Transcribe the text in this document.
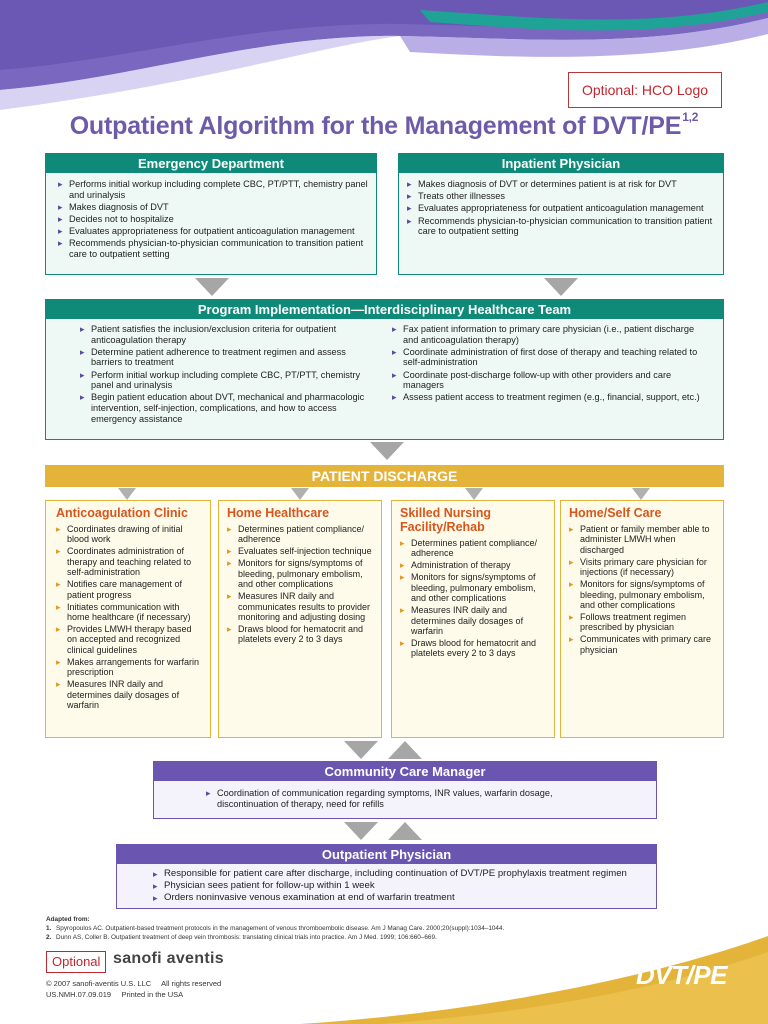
Optional: HCO Logo
Outpatient Algorithm for the Management of DVT/PE$^{1,2}$
Emergency Department
▸ Performs initial workup including complete CBC, PT/PTT, chemistry panel and urinalysis
▸ Makes diagnosis of DVT
▸ Decides not to hospitalize
▸ Evaluates appropriateness for outpatient anticoagulation management
▸ Recommends physician-to-physician communication to transition patient care to outpatient setting
Inpatient Physician
▸ Makes diagnosis of DVT or determines patient is at risk for DVT
▸ Treats other illnesses
▸ Evaluates appropriateness for outpatient anticoagulation management
▸ Recommends physician-to-physician communication to transition patient care to outpatient setting
Program Implementation—Interdisciplinary Healthcare Team
▸ Patient satisfies the inclusion/exclusion criteria for outpatient anticoagulation therapy
▸ Determine patient adherence to treatment regimen and assess barriers to treatment
▸ Perform initial workup including complete CBC, PT/PTT, chemistry panel and urinalysis
▸ Begin patient education about DVT, mechanical and pharmacologic intervention, self-injection, complications, and how to access emergency assistance
▸ Fax patient information to primary care physician (i.e., patient discharge and anticoagulation therapy)
▸ Coordinate administration of first dose of therapy and teaching related to self-administration
▸ Coordinate post-discharge follow-up with other providers and care managers
▸ Assess patient access to treatment regimen (e.g., financial, support, etc.)
PATIENT DISCHARGE
Anticoagulation Clinic
▸ Coordinates drawing of initial blood work
▸ Coordinates administration of therapy and teaching related to self-administration
▸ Notifies care management of patient progress
▸ Initiates communication with home healthcare (if necessary)
▸ Provides LMWH therapy based on accepted and recognized clinical guidelines
▸ Makes arrangements for warfarin prescription
▸ Measures INR daily and determines daily dosages of warfarin
Home Healthcare
▸ Determines patient compliance/ adherence
▸ Evaluates self-injection technique
▸ Monitors for signs/symptoms of bleeding, pulmonary embolism, and other complications
▸ Measures INR daily and communicates results to provider monitoring and adjusting dosing
▸ Draws blood for hematocrit and platelets every 2 to 3 days
Skilled Nursing Facility/Rehab
▸ Determines patient compliance/ adherence
▸ Administration of therapy
▸ Monitors for signs/symptoms of bleeding, pulmonary embolism, and other complications
▸ Measures INR daily and determines daily dosages of warfarin
▸ Draws blood for hematocrit and platelets every 2 to 3 days
Home/Self Care
▸ Patient or family member able to administer LMWH when discharged
▸ Visits primary care physician for injections (if necessary)
▸ Monitors for signs/symptoms of bleeding, pulmonary embolism, and other complications
▸ Follows treatment regimen prescribed by physician
▸ Communicates with primary care physician
Community Care Manager
▸ Coordination of communication regarding symptoms, INR values, warfarin dosage, discontinuation of therapy, need for refills
Outpatient Physician
▸ Responsible for patient care after discharge, including continuation of DVT/PE prophylaxis treatment regimen
▸ Physician sees patient for follow-up within 1 week
▸ Orders noninvasive venous examination at end of warfarin treatment
Adapted from:
1. Spyropoulos AC. Outpatient-based treatment protocols in the management of venous thromboembolic disease. Am J Manag Care. 2000;20(suppl):1034–1044.
2. Dunn AS, Coller B. Outpatient treatment of deep vein thrombosis: translating clinical trials into practice. Am J Med. 1999; 106:660–669.
Optional sanofi aventis
© 2007 sanofi-aventis U.S. LLC     All rights reserved
US.NMH.07.09.019     Printed in the USA
DVT/PE
